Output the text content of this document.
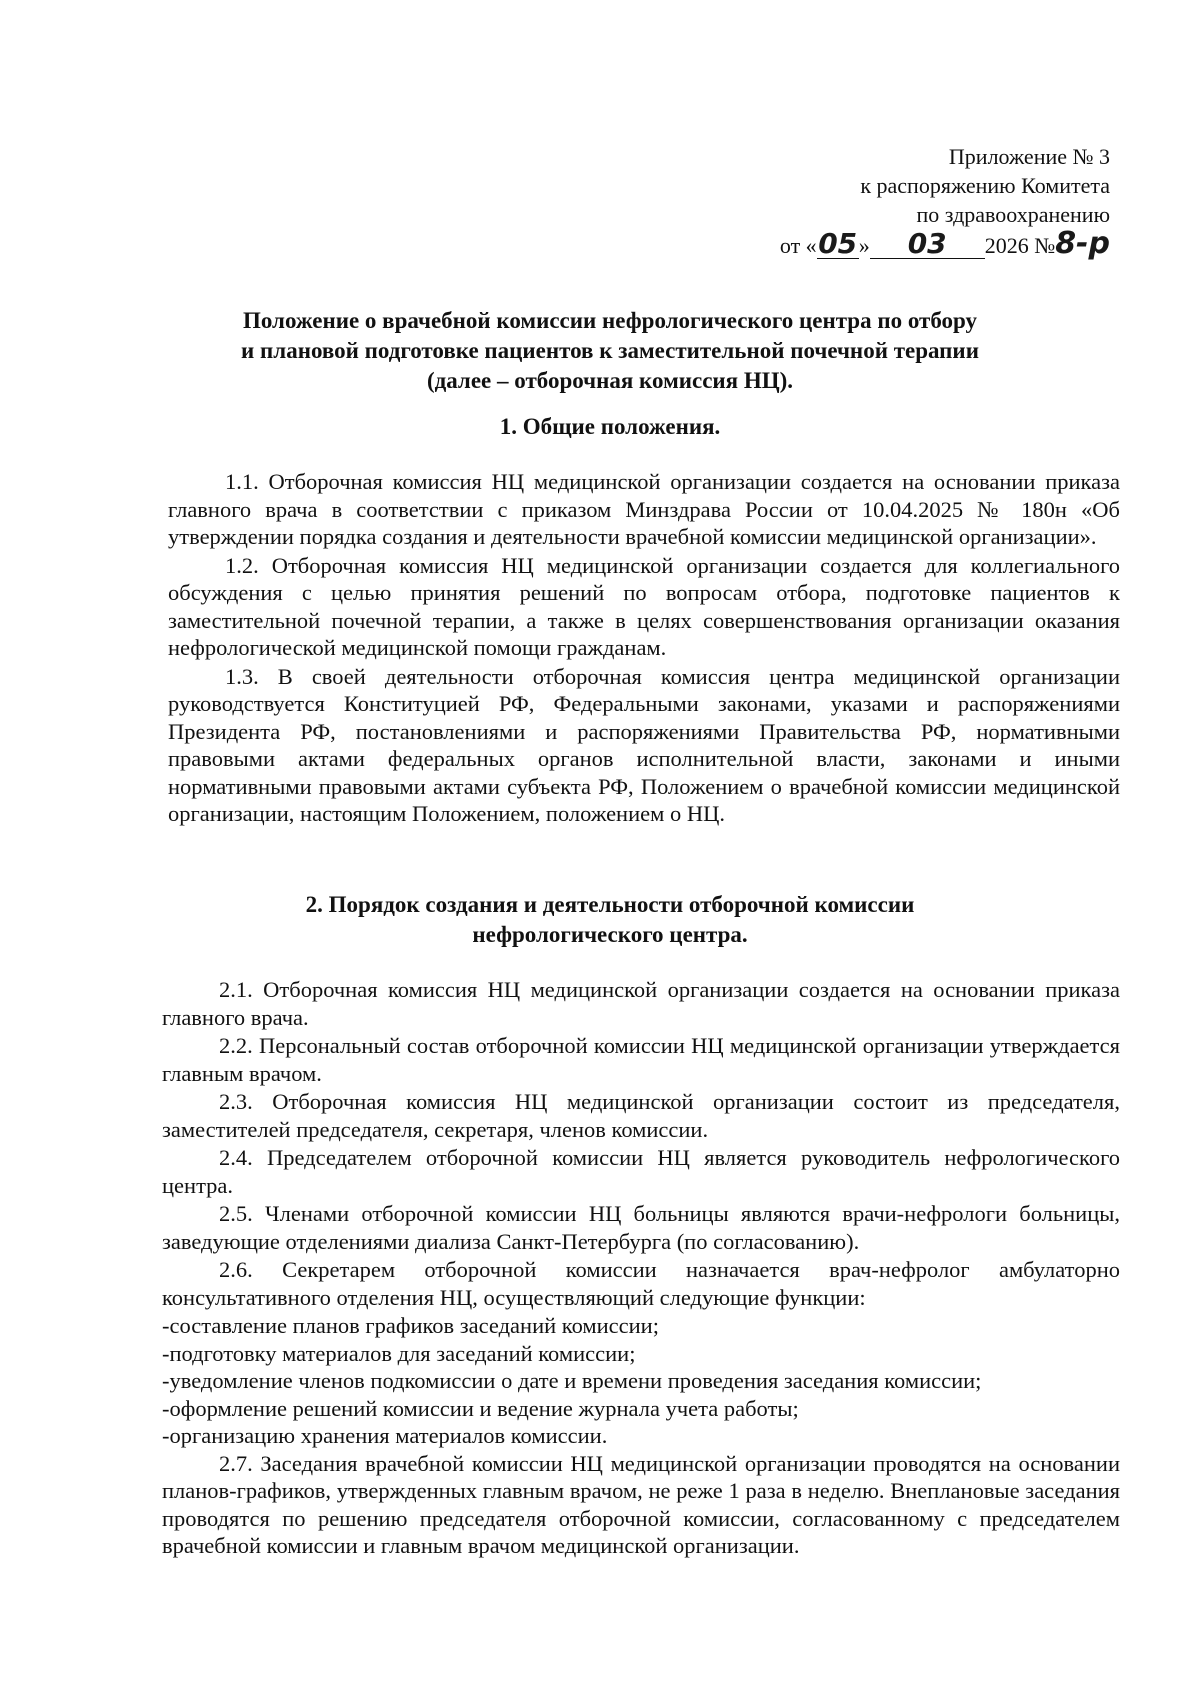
Приложение № 3
к распоряжению Комитета
по здравоохранению
от «05» 03 2026 №8-р
Положение о врачебной комиссии нефрологического центра по отбору
и плановой подготовке пациентов к заместительной почечной терапии
(далее – отборочная комиссия НЦ).
1. Общие положения.

1.1. Отборочная комиссия НЦ медицинской организации создается на основании приказа главного врача в соответствии с приказом Минздрава России от 10.04.2025 № 180н «Об утверждении порядка создания и деятельности врачебной комиссии медицинской организации».

1.2. Отборочная комиссия НЦ медицинской организации создается для коллегиального обсуждения с целью принятия решений по вопросам отбора, подготовке пациентов к заместительной почечной терапии, а также в целях совершенствования организации оказания нефрологической медицинской помощи гражданам.

1.3. В своей деятельности отборочная комиссия центра медицинской организации руководствуется Конституцией РФ, Федеральными законами, указами и распоряжениями Президента РФ, постановлениями и распоряжениями Правительства РФ, нормативными правовыми актами федеральных органов исполнительной власти, законами и иными нормативными правовыми актами субъекта РФ, Положением о врачебной комиссии медицинской организации, настоящим Положением, положением о НЦ.

2. Порядок создания и деятельности отборочной комиссии
нефрологического центра.

2.1. Отборочная комиссия НЦ медицинской организации создается на основании приказа главного врача.

2.2. Персональный состав отборочной комиссии НЦ медицинской организации утверждается главным врачом.

2.3. Отборочная комиссия НЦ медицинской организации состоит из председателя, заместителей председателя, секретаря, членов комиссии.

2.4. Председателем отборочной комиссии НЦ является руководитель нефрологического центра.

2.5. Членами отборочной комиссии НЦ больницы являются врачи-нефрологи больницы, заведующие отделениями диализа Санкт-Петербурга (по согласованию).

2.6. Секретарем отборочной комиссии назначается врач-нефролог амбулаторно консультативного отделения НЦ, осуществляющий следующие функции:

-составление планов графиков заседаний комиссии;

-подготовку материалов для заседаний комиссии;

-уведомление членов подкомиссии о дате и времени проведения заседания комиссии;

-оформление решений комиссии и ведение журнала учета работы;

-организацию хранения материалов комиссии.

2.7. Заседания врачебной комиссии НЦ медицинской организации проводятся на основании планов-графиков, утвержденных главным врачом, не реже 1 раза в неделю. Внеплановые заседания проводятся по решению председателя отборочной комиссии, согласованному с председателем врачебной комиссии и главным врачом медицинской организации.
